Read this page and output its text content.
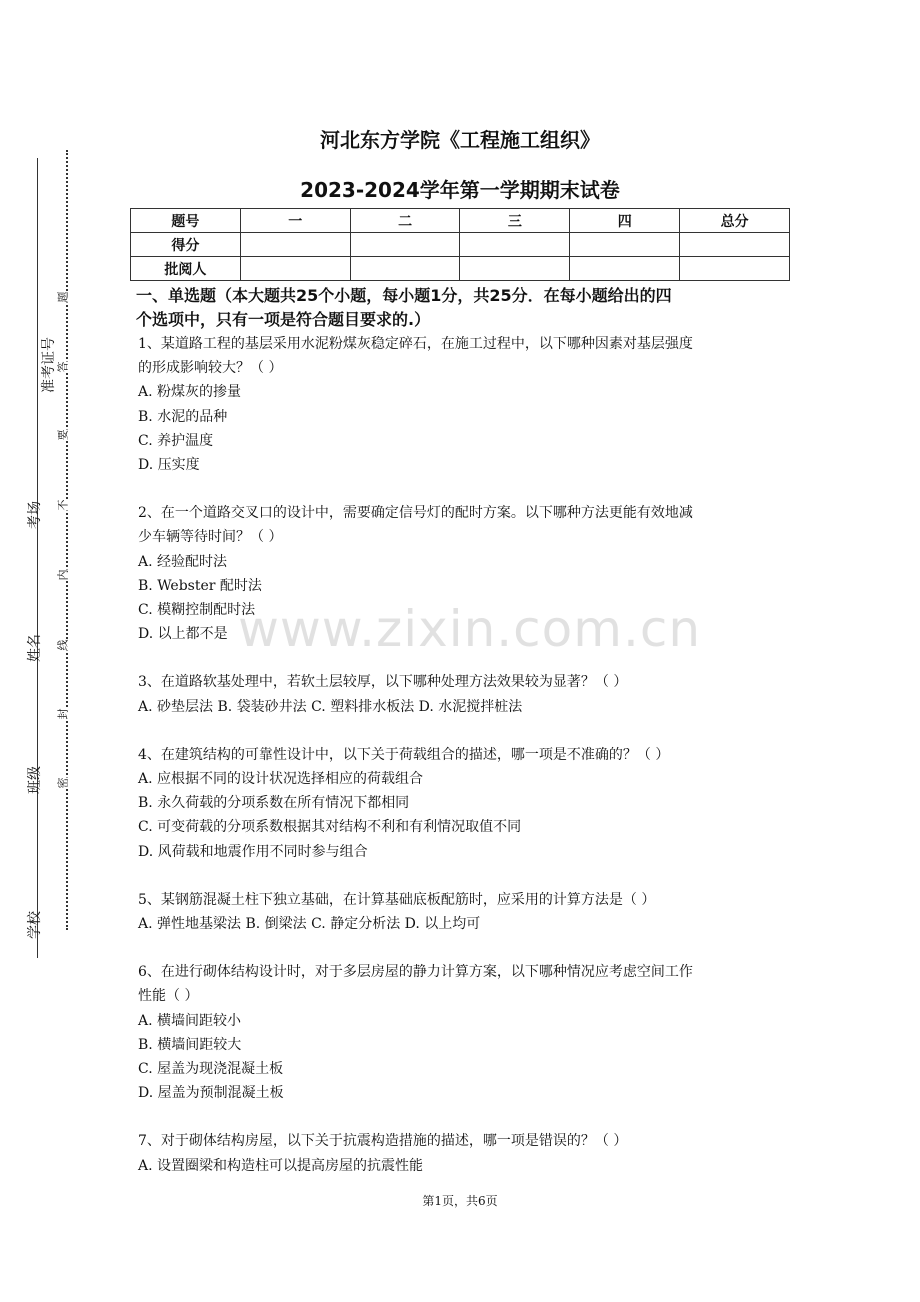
准考证号
考场
姓名
班级
学校
题
答
要
不
内
线
封
密
河北东方学院《工程施工组织》
2023-2024学年第一学期期末试卷
题号	一	二	三	四	总分
得分					
批阅人					
一、单选题（本大题共25个小题，每小题1分，共25分．在每小题给出的四
个选项中，只有一项是符合题目要求的.）
1、某道路工程的基层采用水泥粉煤灰稳定碎石，在施工过程中，以下哪种因素对基层强度
的形成影响较大？（ ）
A. 粉煤灰的掺量
B. 水泥的品种
C. 养护温度
D. 压实度
2、在一个道路交叉口的设计中，需要确定信号灯的配时方案。以下哪种方法更能有效地减
少车辆等待时间？（ ）
A. 经验配时法
B. Webster 配时法
C. 模糊控制配时法
D. 以上都不是
3、在道路软基处理中，若软土层较厚，以下哪种处理方法效果较为显著？（ ）
A. 砂垫层法 B. 袋装砂井法 C. 塑料排水板法 D. 水泥搅拌桩法
4、在建筑结构的可靠性设计中，以下关于荷载组合的描述，哪一项是不准确的？（ ）
A. 应根据不同的设计状况选择相应的荷载组合
B. 永久荷载的分项系数在所有情况下都相同
C. 可变荷载的分项系数根据其对结构不利和有利情况取值不同
D. 风荷载和地震作用不同时参与组合
5、某钢筋混凝土柱下独立基础，在计算基础底板配筋时，应采用的计算方法是（ ）
A. 弹性地基梁法 B. 倒梁法 C. 静定分析法 D. 以上均可
6、在进行砌体结构设计时，对于多层房屋的静力计算方案，以下哪种情况应考虑空间工作
性能（ ）
A. 横墙间距较小
B. 横墙间距较大
C. 屋盖为现浇混凝土板
D. 屋盖为预制混凝土板
7、对于砌体结构房屋，以下关于抗震构造措施的描述，哪一项是错误的？（ ）
A. 设置圈梁和构造柱可以提高房屋的抗震性能
www.zixin.com.cn
第1页，共6页
